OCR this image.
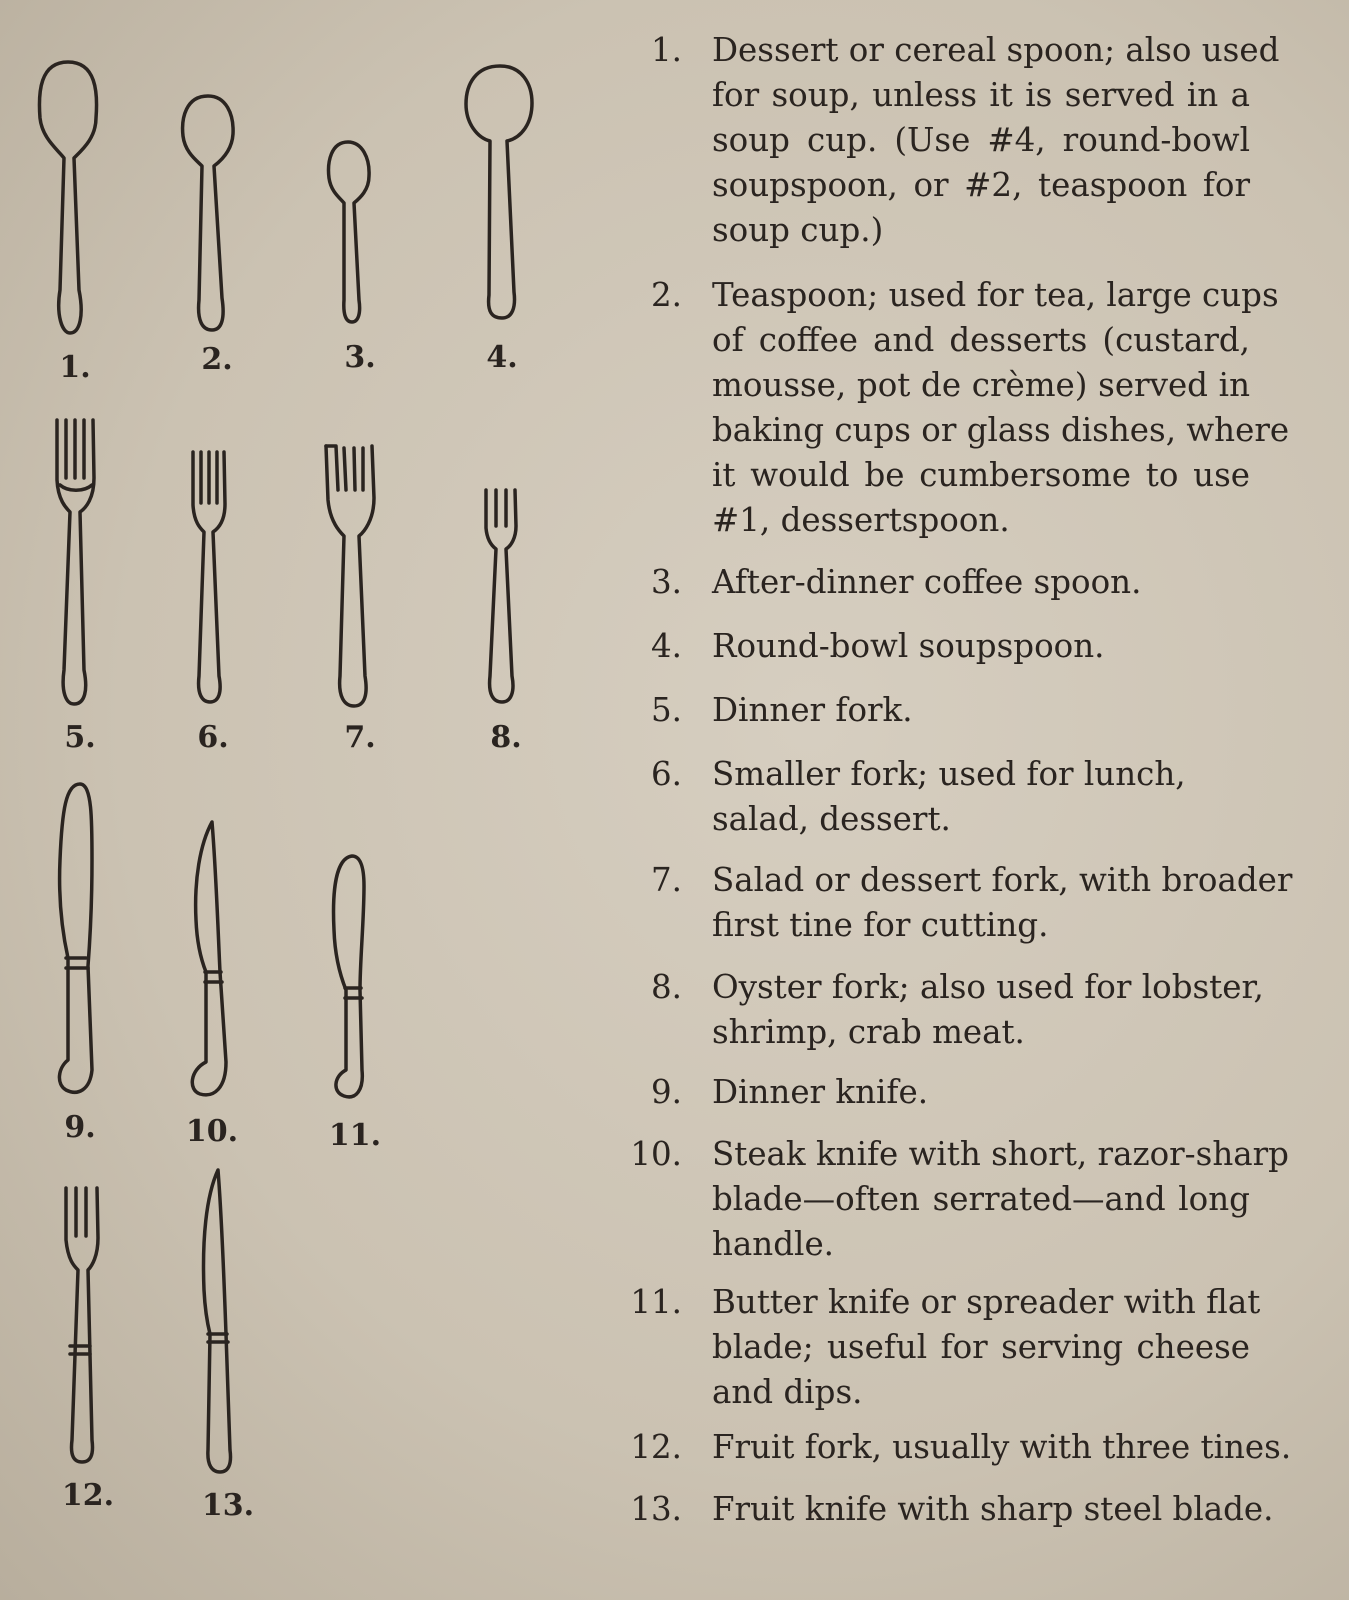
1.	2.	3.	4.
5.	6.	7.	8.
9.	10.	11.
12.	13.
1. Dessert or cereal spoon; also used
for soup, unless it is served in a
soup cup. (Use #4, round-bowl
soupspoon, or #2, teaspoon for
soup cup.)
2. Teaspoon; used for tea, large cups
of coffee and desserts (custard,
mousse, pot de crème) served in
baking cups or glass dishes, where
it would be cumbersome to use
#1, dessertspoon.
3. After-dinner coffee spoon.
4. Round-bowl soupspoon.
5. Dinner fork.
6. Smaller fork; used for lunch,
salad, dessert.
7. Salad or dessert fork, with broader
first tine for cutting.
8. Oyster fork; also used for lobster,
shrimp, crab meat.
9. Dinner knife.
10. Steak knife with short, razor-sharp
blade—often serrated—and long
handle.
11. Butter knife or spreader with flat
blade; useful for serving cheese
and dips.
12. Fruit fork, usually with three tines.
13. Fruit knife with sharp steel blade.
